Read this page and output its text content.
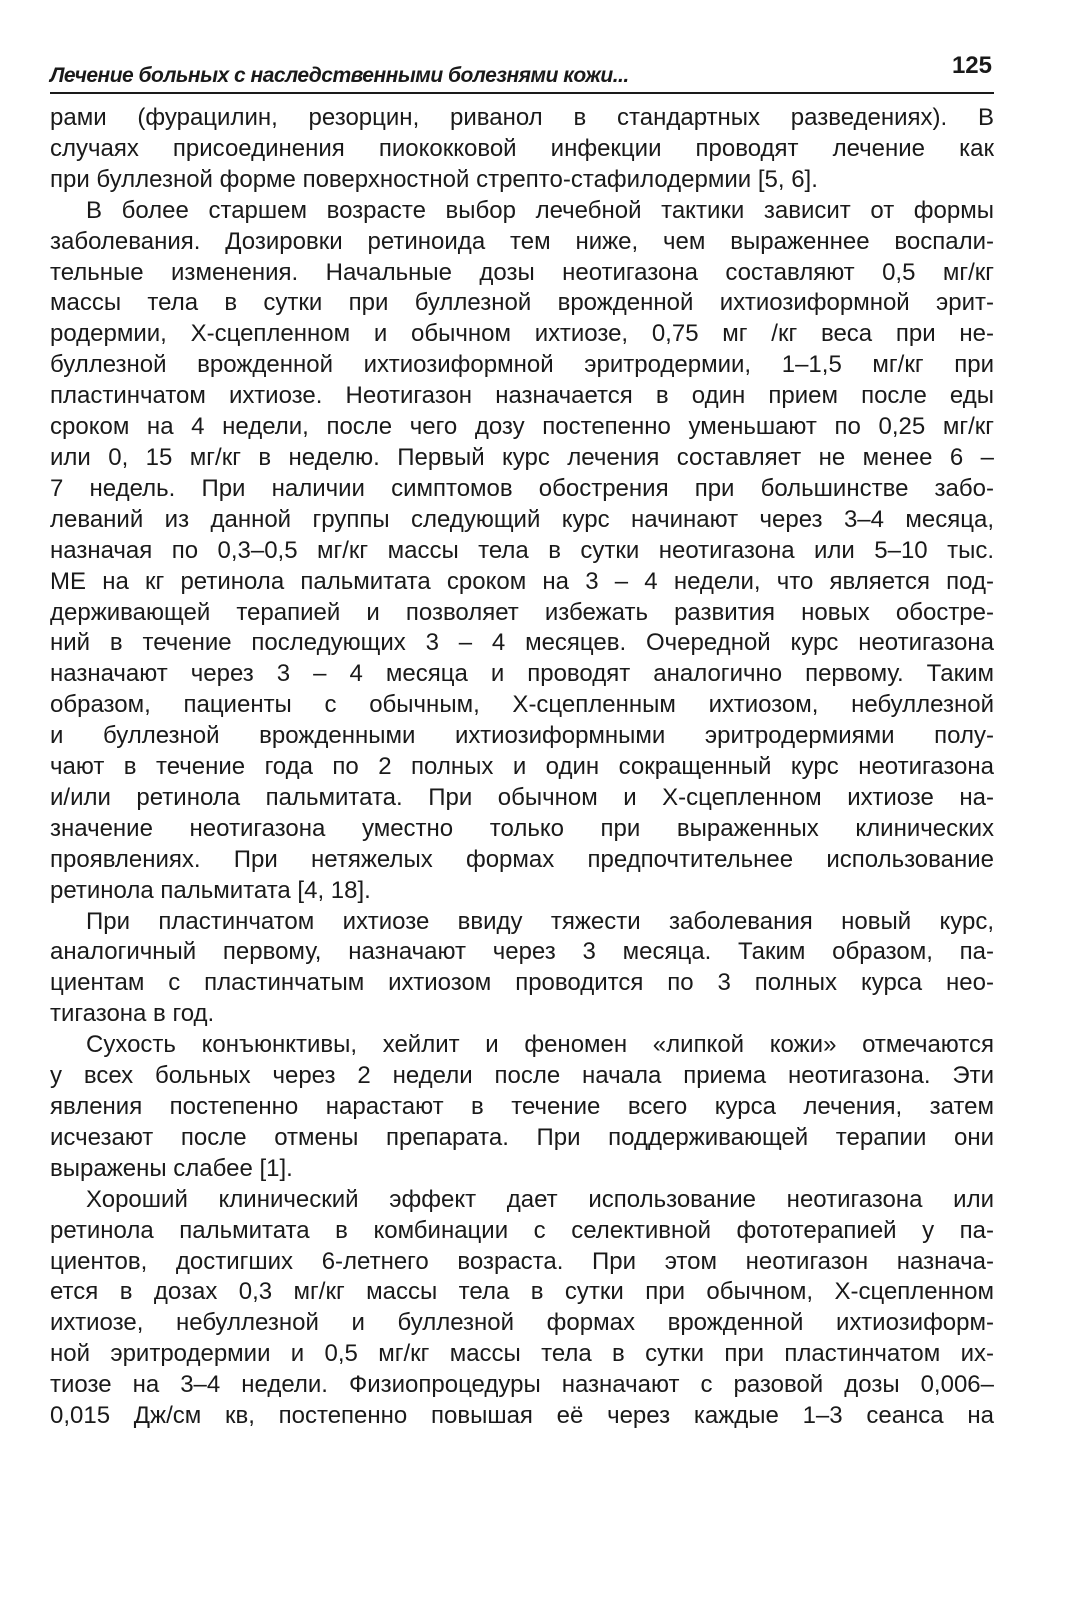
Лечение больных с наследственными болезнями кожи...	125
рами (фурацилин, резорцин, риванол в стандартных разведениях). В
случаях присоединения пиококковой инфекции проводят лечение как
при буллезной форме поверхностной стрепто-стафилодермии [5, 6].
В более старшем возрасте выбор лечебной тактики зависит от формы
заболевания. Дозировки ретиноида тем ниже, чем выраженнее воспали-
тельные изменения. Начальные дозы неотигазона составляют 0,5 мг/кг
массы тела в сутки при буллезной врожденной ихтиозиформной эрит-
родермии, Х-сцепленном и обычном ихтиозе, 0,75 мг /кг веса при не-
буллезной врожденной ихтиозиформной эритродермии, 1–1,5 мг/кг при
пластинчатом ихтиозе. Неотигазон назначается в один прием после еды
сроком на 4 недели, после чего дозу постепенно уменьшают по 0,25 мг/кг
или 0, 15 мг/кг в неделю. Первый курс лечения составляет не менее 6 –
7 недель. При наличии симптомов обострения при большинстве забо-
леваний из данной группы следующий курс начинают через 3–4 месяца,
назначая по 0,3–0,5 мг/кг массы тела в сутки неотигазона или 5–10 тыс.
МЕ на кг ретинола пальмитата сроком на 3 – 4 недели, что является под-
держивающей терапией и позволяет избежать развития новых обостре-
ний в течение последующих 3 – 4 месяцев. Очередной курс неотигазона
назначают через 3 – 4 месяца и проводят аналогично первому. Таким
образом, пациенты с обычным, Х-сцепленным ихтиозом, небуллезной
и буллезной врожденными ихтиозиформными эритродермиями полу-
чают в течение года по 2 полных и один сокращенный курс неотигазона
и/или ретинола пальмитата. При обычном и Х-сцепленном ихтиозе на-
значение неотигазона уместно только при выраженных клинических
проявлениях. При нетяжелых формах предпочтительнее использование
ретинола пальмитата [4, 18].
При пластинчатом ихтиозе ввиду тяжести заболевания новый курс,
аналогичный первому, назначают через 3 месяца. Таким образом, па-
циентам с пластинчатым ихтиозом проводится по 3 полных курса нео-
тигазона в год.
Сухость конъюнктивы, хейлит и феномен «липкой кожи» отмечаются
у всех больных через 2 недели после начала приема неотигазона. Эти
явления постепенно нарастают в течение всего курса лечения, затем
исчезают после отмены препарата. При поддерживающей терапии они
выражены слабее [1].
Хороший клинический эффект дает использование неотигазона или
ретинола пальмитата в комбинации с селективной фототерапией у па-
циентов, достигших 6-летнего возраста. При этом неотигазон назнача-
ется в дозах 0,3 мг/кг массы тела в сутки при обычном, Х-сцепленном
ихтиозе, небуллезной и буллезной формах врожденной ихтиозиформ-
ной эритродермии и 0,5 мг/кг массы тела в сутки при пластинчатом их-
тиозе на 3–4 недели. Физиопроцедуры назначают с разовой дозы 0,006–
0,015 Дж/см кв, постепенно повышая её через каждые 1–3 сеанса на
